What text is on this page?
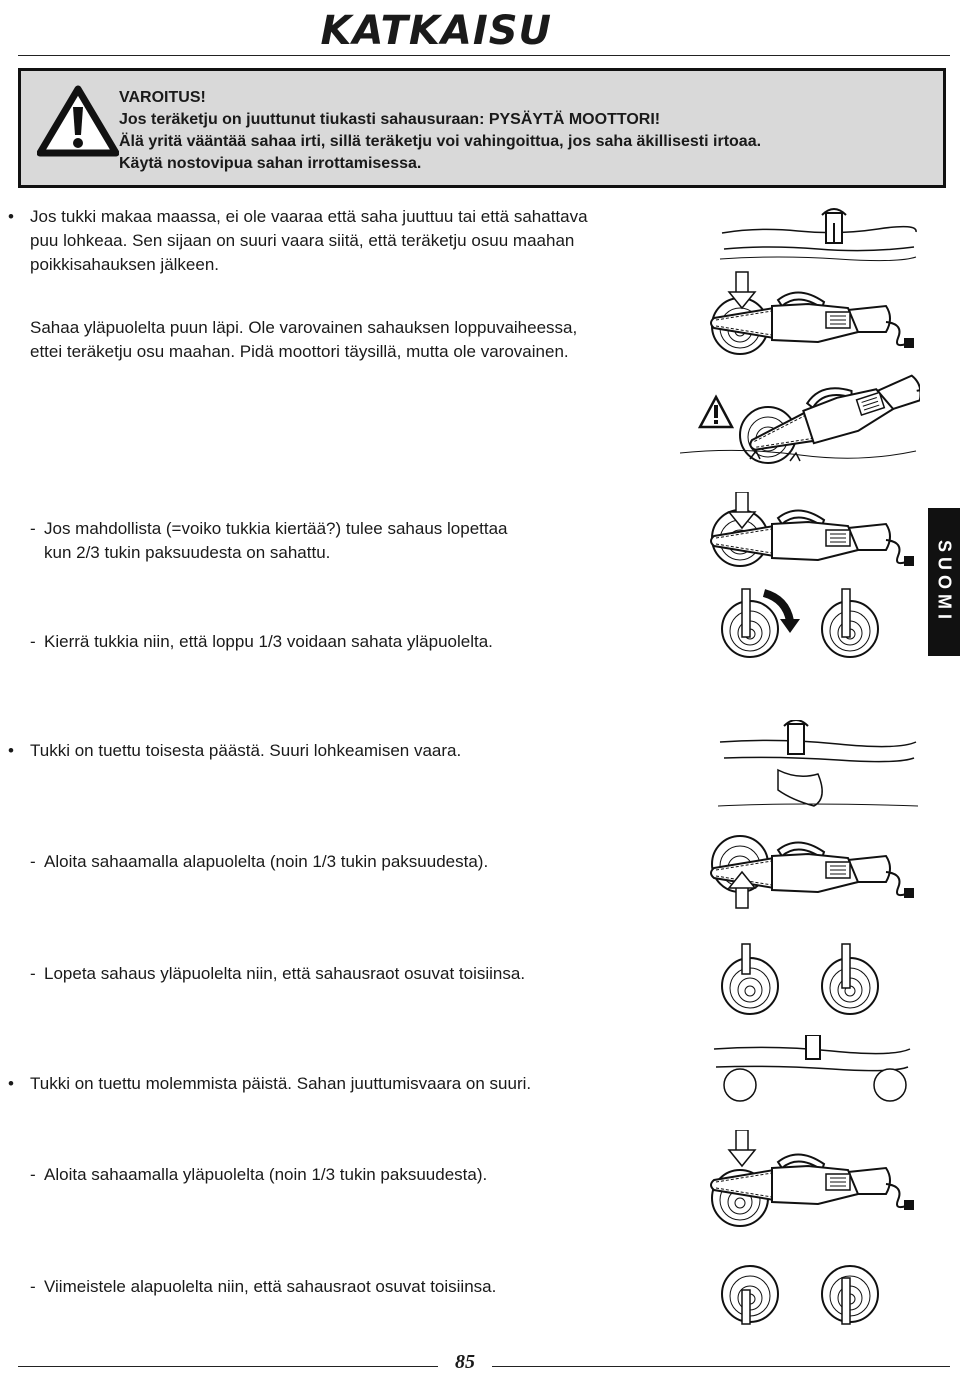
KATKAISU
VAROITUS!
Jos teräketju on juuttunut tiukasti sahausuraan: PYSÄYTÄ MOOTTORI!
Älä yritä vääntää sahaa irti, sillä teräketju voi vahingoittua, jos saha äkillisesti irtoaa.
Käytä nostovipua sahan irrottamisessa.
• Jos tukki makaa maassa, ei ole vaaraa että saha juuttuu tai että sahattava
puu lohkeaa. Sen sijaan on suuri vaara siitä, että teräketju osuu maahan
poikkisahauksen jälkeen.
Sahaa yläpuolelta puun läpi. Ole varovainen sahauksen loppuvaiheessa,
ettei teräketju osu maahan. Pidä moottori täysillä, mutta ole varovainen.
- Jos mahdollista (=voiko tukkia kiertää?) tulee sahaus lopettaa
kun 2/3 tukin paksuudesta on sahattu.
- Kierrä tukkia niin, että loppu 1/3 voidaan sahata yläpuolelta.
• Tukki on tuettu toisesta päästä. Suuri lohkeamisen vaara.
- Aloita sahaamalla alapuolelta (noin 1/3 tukin paksuudesta).
- Lopeta sahaus yläpuolelta niin, että sahausraot osuvat toisiinsa.
• Tukki on tuettu molemmista päistä. Sahan juuttumisvaara on suuri.
- Aloita sahaamalla yläpuolelta (noin 1/3 tukin paksuudesta).
- Viimeistele alapuolelta niin, että sahausraot osuvat toisiinsa.
SUOMI
85
